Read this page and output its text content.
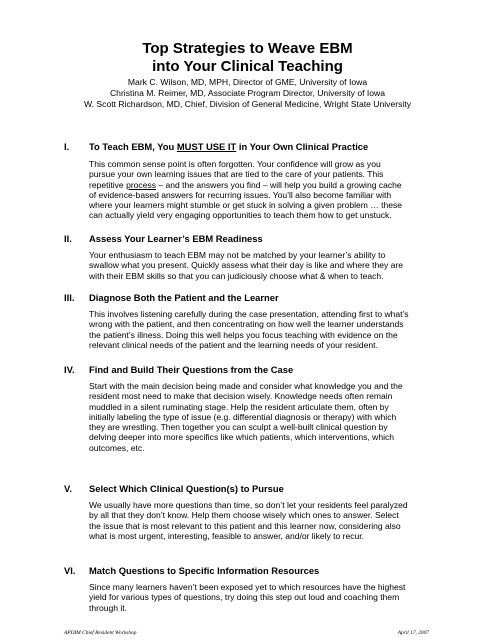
Top Strategies to Weave EBM
into Your Clinical Teaching
Mark C. Wilson, MD, MPH, Director of GME, University of Iowa
Christina M. Reimer, MD, Associate Program Director, University of Iowa
W. Scott Richardson, MD, Chief, Division of General Medicine, Wright State University
I. To Teach EBM, You MUST USE IT in Your Own Clinical Practice
This common sense point is often forgotten. Your confidence will grow as you
pursue your own learning issues that are tied to the care of your patients. This
repetitive process – and the answers you find – will help you build a growing cache
of evidence-based answers for recurring issues. You’ll also become familiar with
where your learners might stumble or get stuck in solving a given problem … these
can actually yield very engaging opportunities to teach them how to get unstuck.
II. Assess Your Learner’s EBM Readiness
Your enthusiasm to teach EBM may not be matched by your learner’s ability to
swallow what you present. Quickly assess what their day is like and where they are
with their EBM skills so that you can judiciously choose what & when to teach.
III. Diagnose Both the Patient and the Learner
This involves listening carefully during the case presentation, attending first to what’s
wrong with the patient, and then concentrating on how well the learner understands
the patient’s illness. Doing this well helps you focus teaching with evidence on the
relevant clinical needs of the patient and the learning needs of your resident.
IV. Find and Build Their Questions from the Case
Start with the main decision being made and consider what knowledge you and the
resident most need to make that decision wisely. Knowledge needs often remain
muddled in a silent ruminating stage. Help the resident articulate them, often by
initially labeling the type of issue (e.g. differential diagnosis or therapy) with which
they are wrestling. Then together you can sculpt a well-built clinical question by
delving deeper into more specifics like which patients, which interventions, which
outcomes, etc.
V. Select Which Clinical Question(s) to Pursue
We usually have more questions than time, so don’t let your residents feel paralyzed
by all that they don’t know. Help them choose wisely which ones to answer. Select
the issue that is most relevant to this patient and this learner now, considering also
what is most urgent, interesting, feasible to answer, and/or likely to recur.
VI. Match Questions to Specific Information Resources
Since many learners haven’t been exposed yet to which resources have the highest
yield for various types of questions, try doing this step out loud and coaching them
through it.
APDIM Chief Resident Workshop	April 17, 2007
